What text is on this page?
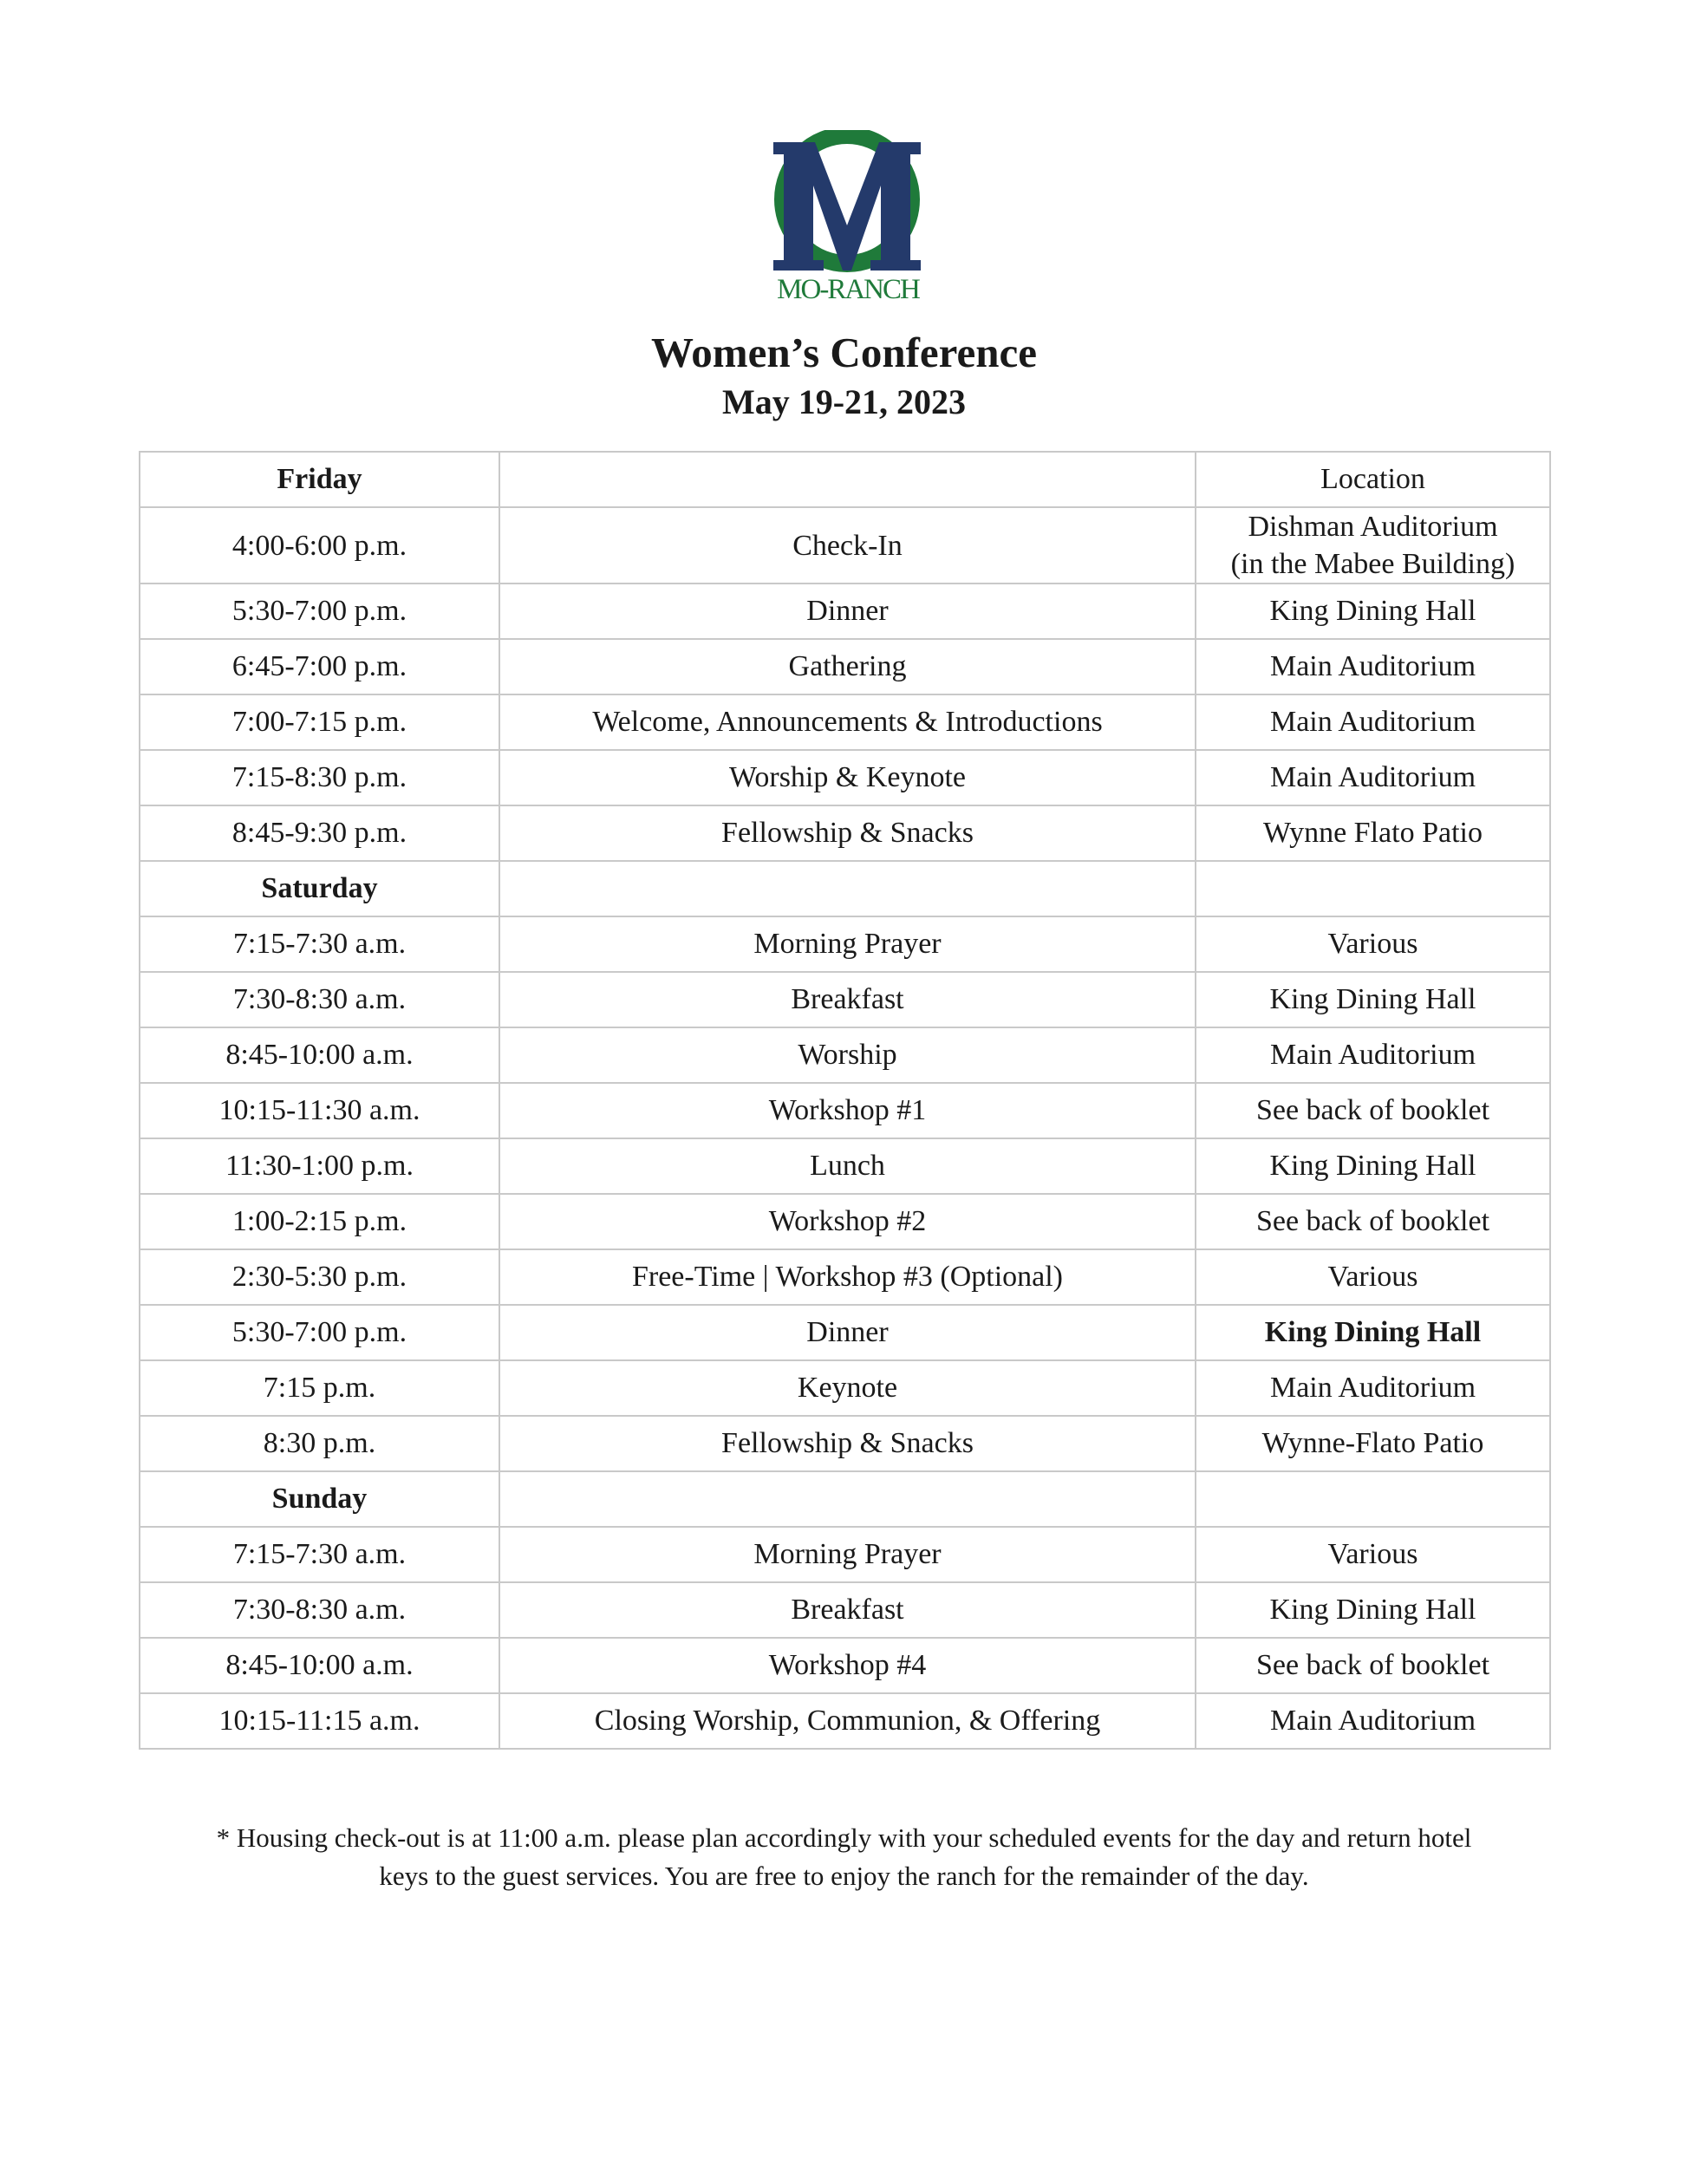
MO-RANCH
Women’s Conference
May 19-21, 2023
Friday		Location
4:00-6:00 p.m.	Check-In	Dishman Auditorium
(in the Mabee Building)

5:30-7:00 p.m.	Dinner	King Dining Hall
6:45-7:00 p.m.	Gathering	Main Auditorium
7:00-7:15 p.m.	Welcome, Announcements & Introductions	Main Auditorium
7:15-8:30 p.m.	Worship & Keynote	Main Auditorium
8:45-9:30 p.m.	Fellowship & Snacks	Wynne Flato Patio
Saturday		
7:15-7:30 a.m.	Morning Prayer	Various
7:30-8:30 a.m.	Breakfast	King Dining Hall
8:45-10:00 a.m.	Worship	Main Auditorium
10:15-11:30 a.m.	Workshop #1	See back of booklet
11:30-1:00 p.m.	Lunch	King Dining Hall
1:00-2:15 p.m.	Workshop #2	See back of booklet
2:30-5:30 p.m.	Free-Time | Workshop #3 (Optional)	Various
5:30-7:00 p.m.	Dinner	King Dining Hall
7:15 p.m.	Keynote	Main Auditorium
8:30 p.m.	Fellowship & Snacks	Wynne-Flato Patio
Sunday		
7:15-7:30 a.m.	Morning Prayer	Various
7:30-8:30 a.m.	Breakfast	King Dining Hall
8:45-10:00 a.m.	Workshop #4	See back of booklet
10:15-11:15 a.m.	Closing Worship, Communion, & Offering	Main Auditorium
* Housing check-out is at 11:00 a.m. please plan accordingly with your scheduled events for the day and return hotel
keys to the guest services. You are free to enjoy the ranch for the remainder of the day.
